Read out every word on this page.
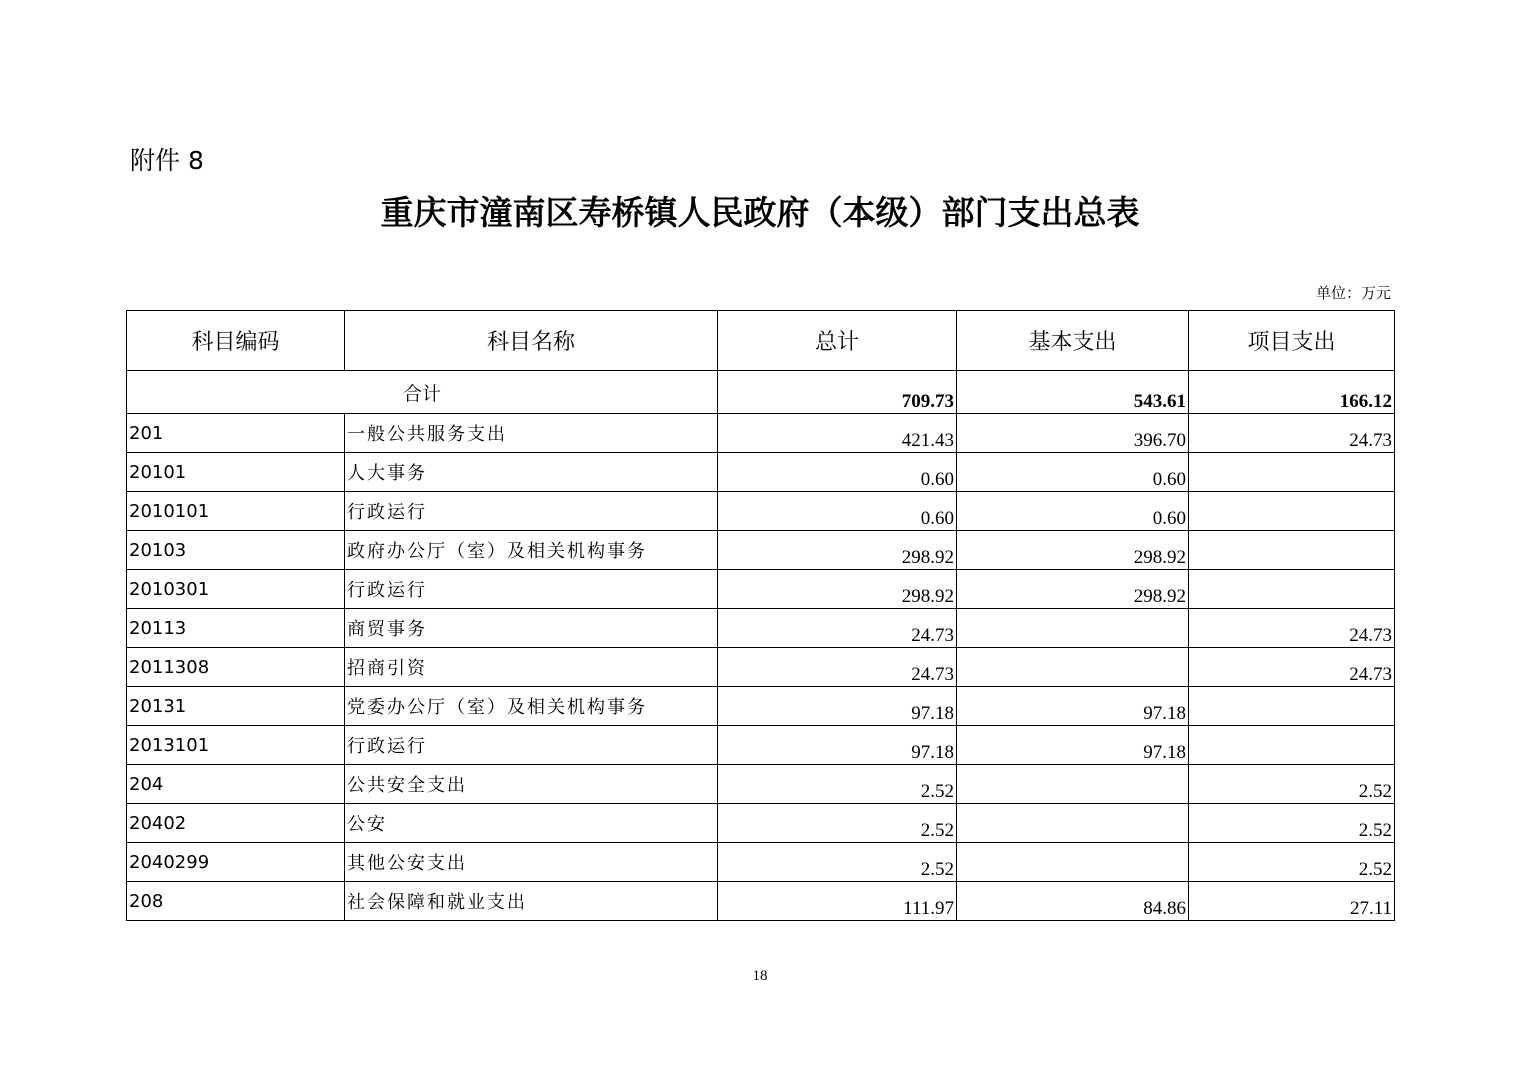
附件 8
重庆市潼南区寿桥镇人民政府（本级）部门支出总表
单位：万元
科目编码	科目名称	总计	基本支出	项目支出
合计		709.73	543.61	166.12
201	一般公共服务支出	421.43	396.70	24.73
20101	人大事务	0.60	0.60	
2010101	行政运行	0.60	0.60	
20103	政府办公厅（室）及相关机构事务	298.92	298.92	
2010301	行政运行	298.92	298.92	
20113	商贸事务	24.73		24.73
2011308	招商引资	24.73		24.73
20131	党委办公厅（室）及相关机构事务	97.18	97.18	
2013101	行政运行	97.18	97.18	
204	公共安全支出	2.52		2.52
20402	公安	2.52		2.52
2040299	其他公安支出	2.52		2.52
208	社会保障和就业支出	111.97	84.86	27.11
18
